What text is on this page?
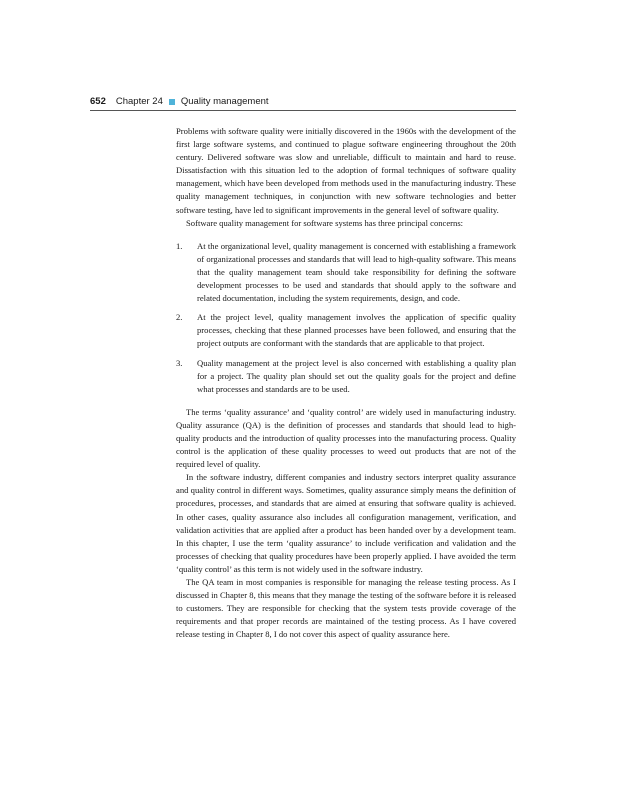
652 Chapter 24 Quality management

Problems with software quality were initially discovered in the 1960s with the development of the first large software systems, and continued to plague software engineering throughout the 20th century. Delivered software was slow and unreliable, difficult to maintain and hard to reuse. Dissatisfaction with this situation led to the adoption of formal techniques of software quality management, which have been developed from methods used in the manufacturing industry. These quality management techniques, in conjunction with new software technologies and better software testing, have led to significant improvements in the general level of software quality.

Software quality management for software systems has three principal concerns:

1. At the organizational level, quality management is concerned with establishing a framework of organizational processes and standards that will lead to high-quality software. This means that the quality management team should take responsibility for defining the software development processes to be used and standards that should apply to the software and related documentation, including the system requirements, design, and code.
2. At the project level, quality management involves the application of specific quality processes, checking that these planned processes have been followed, and ensuring that the project outputs are conformant with the standards that are applicable to that project.
3. Quality management at the project level is also concerned with establishing a quality plan for a project. The quality plan should set out the quality goals for the project and define what processes and standards are to be used.

The terms ‘quality assurance’ and ‘quality control’ are widely used in manufacturing industry. Quality assurance (QA) is the definition of processes and standards that should lead to high-quality products and the introduction of quality processes into the manufacturing process. Quality control is the application of these quality processes to weed out products that are not of the required level of quality.

In the software industry, different companies and industry sectors interpret quality assurance and quality control in different ways. Sometimes, quality assurance simply means the definition of procedures, processes, and standards that are aimed at ensuring that software quality is achieved. In other cases, quality assurance also includes all configuration management, verification, and validation activities that are applied after a product has been handed over by a development team. In this chapter, I use the term ‘quality assurance’ to include verification and validation and the processes of checking that quality procedures have been properly applied. I have avoided the term ‘quality control’ as this term is not widely used in the software industry.

The QA team in most companies is responsible for managing the release testing process. As I discussed in Chapter 8, this means that they manage the testing of the software before it is released to customers. They are responsible for checking that the system tests provide coverage of the requirements and that proper records are maintained of the testing process. As I have covered release testing in Chapter 8, I do not cover this aspect of quality assurance here.
